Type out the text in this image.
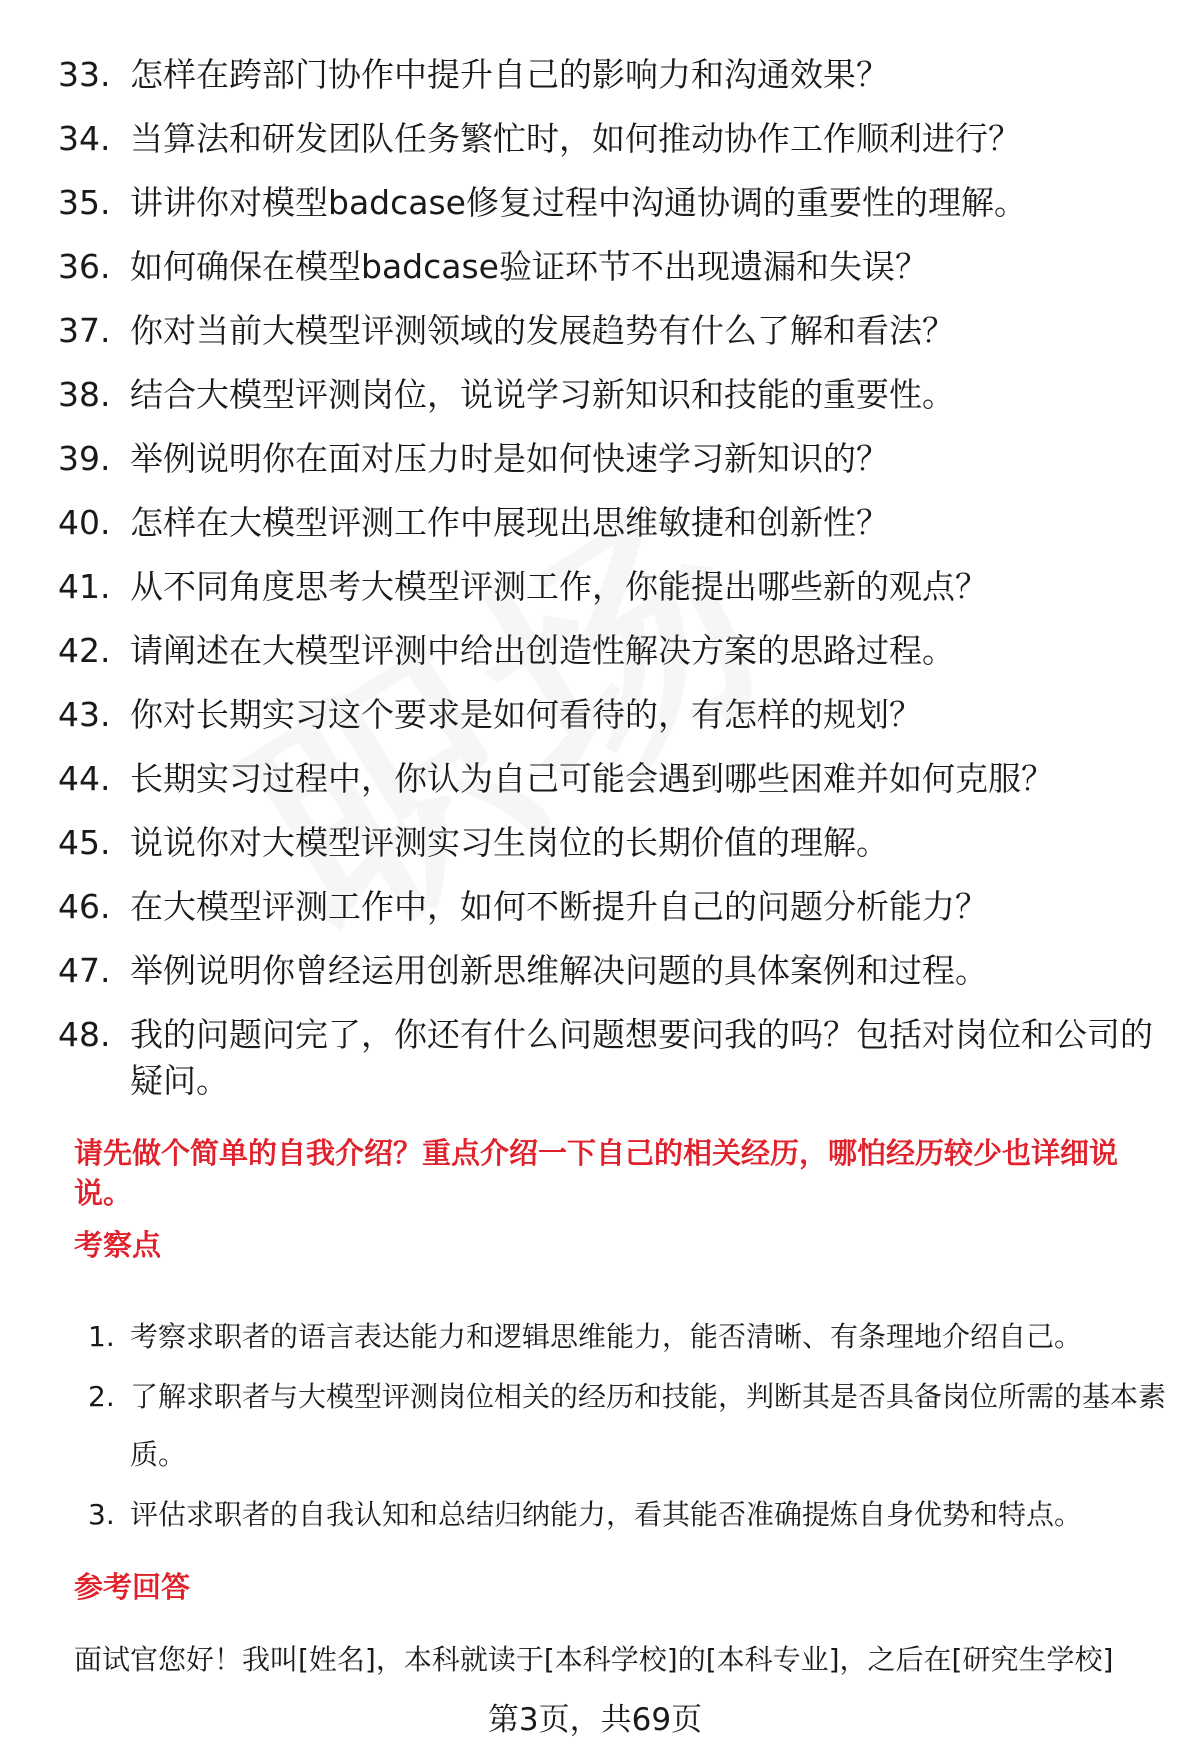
33. 怎样在跨部门协作中提升自己的影响力和沟通效果？
34. 当算法和研发团队任务繁忙时，如何推动协作工作顺利进行？
35. 讲讲你对模型badcase修复过程中沟通协调的重要性的理解。
36. 如何确保在模型badcase验证环节不出现遗漏和失误？
37. 你对当前大模型评测领域的发展趋势有什么了解和看法？
38. 结合大模型评测岗位，说说学习新知识和技能的重要性。
39. 举例说明你在面对压力时是如何快速学习新知识的？
40. 怎样在大模型评测工作中展现出思维敏捷和创新性？
41. 从不同角度思考大模型评测工作，你能提出哪些新的观点？
42. 请阐述在大模型评测中给出创造性解决方案的思路过程。
43. 你对长期实习这个要求是如何看待的，有怎样的规划？
44. 长期实习过程中，你认为自己可能会遇到哪些困难并如何克服？
45. 说说你对大模型评测实习生岗位的长期价值的理解。
46. 在大模型评测工作中，如何不断提升自己的问题分析能力？
47. 举例说明你曾经运用创新思维解决问题的具体案例和过程。
48. 我的问题问完了，你还有什么问题想要问我的吗？包括对岗位和公司的疑问。
请先做个简单的自我介绍？重点介绍一下自己的相关经历，哪怕经历较少也详细说说。
考察点
1. 考察求职者的语言表达能力和逻辑思维能力，能否清晰、有条理地介绍自己。
2. 了解求职者与大模型评测岗位相关的经历和技能，判断其是否具备岗位所需的基本素质。
3. 评估求职者的自我认知和总结归纳能力，看其能否准确提炼自身优势和特点。
参考回答
面试官您好！我叫[姓名]，本科就读于[本科学校]的[本科专业]，之后在[研究生学校]
第3页，共69页
